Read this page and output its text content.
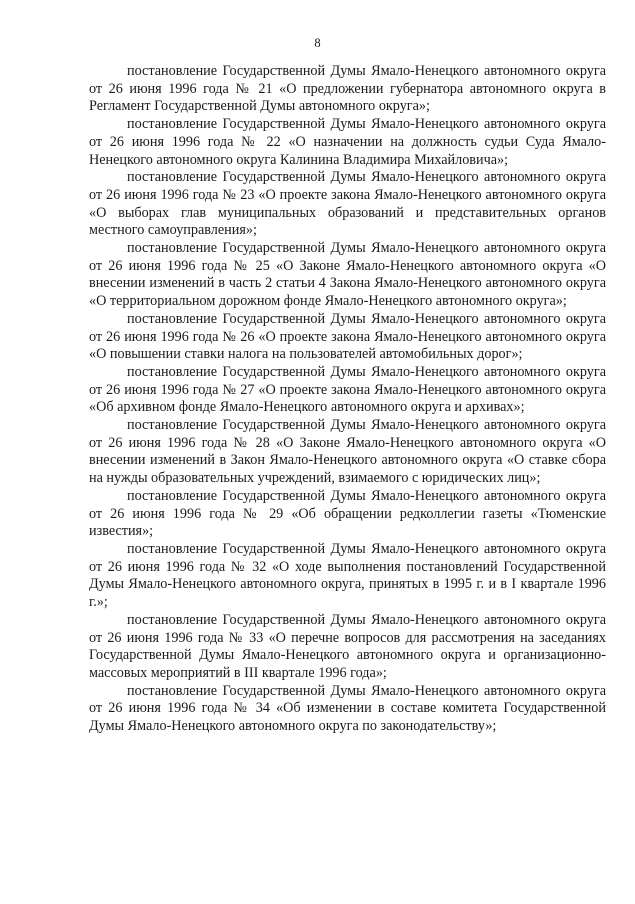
8

постановление Государственной Думы Ямало-Ненецкого автономного округа от 26 июня 1996 года № 21 «О предложении губернатора автономного округа в Регламент Государственной Думы автономного округа»;

постановление Государственной Думы Ямало-Ненецкого автономного округа от 26 июня 1996 года № 22 «О назначении на должность судьи Суда Ямало-Ненецкого автономного округа Калинина Владимира Михайловича»;

постановление Государственной Думы Ямало-Ненецкого автономного округа от 26 июня 1996 года № 23 «О проекте закона Ямало-Ненецкого автономного округа «О выборах глав муниципальных образований и представительных органов местного самоуправления»;

постановление Государственной Думы Ямало-Ненецкого автономного округа от 26 июня 1996 года № 25 «О Законе Ямало-Ненецкого автономного округа «О внесении изменений в часть 2 статьи 4 Закона Ямало-Ненецкого автономного округа «О территориальном дорожном фонде Ямало-Ненецкого автономного округа»;

постановление Государственной Думы Ямало-Ненецкого автономного округа от 26 июня 1996 года № 26 «О проекте закона Ямало-Ненецкого автономного округа «О повышении ставки налога на пользователей автомобильных дорог»;

постановление Государственной Думы Ямало-Ненецкого автономного округа от 26 июня 1996 года № 27 «О проекте закона Ямало-Ненецкого автономного округа «Об архивном фонде Ямало-Ненецкого автономного округа и архивах»;

постановление Государственной Думы Ямало-Ненецкого автономного округа от 26 июня 1996 года № 28 «О Законе Ямало-Ненецкого автономного округа «О внесении изменений в Закон Ямало-Ненецкого автономного округа «О ставке сбора на нужды образовательных учреждений, взимаемого с юридических лиц»;

постановление Государственной Думы Ямало-Ненецкого автономного округа от 26 июня 1996 года № 29 «Об обращении редколлегии газеты «Тюменские известия»;

постановление Государственной Думы Ямало-Ненецкого автономного округа от 26 июня 1996 года № 32 «О ходе выполнения постановлений Государственной Думы Ямало-Ненецкого автономного округа, принятых в 1995 г. и в I квартале 1996 г.»;

постановление Государственной Думы Ямало-Ненецкого автономного округа от 26 июня 1996 года № 33 «О перечне вопросов для рассмотрения на заседаниях Государственной Думы Ямало-Ненецкого автономного округа и организационно-массовых мероприятий в III квартале 1996 года»;

постановление Государственной Думы Ямало-Ненецкого автономного округа от 26 июня 1996 года № 34 «Об изменении в составе комитета Государственной Думы Ямало-Ненецкого автономного округа по законодательству»;
